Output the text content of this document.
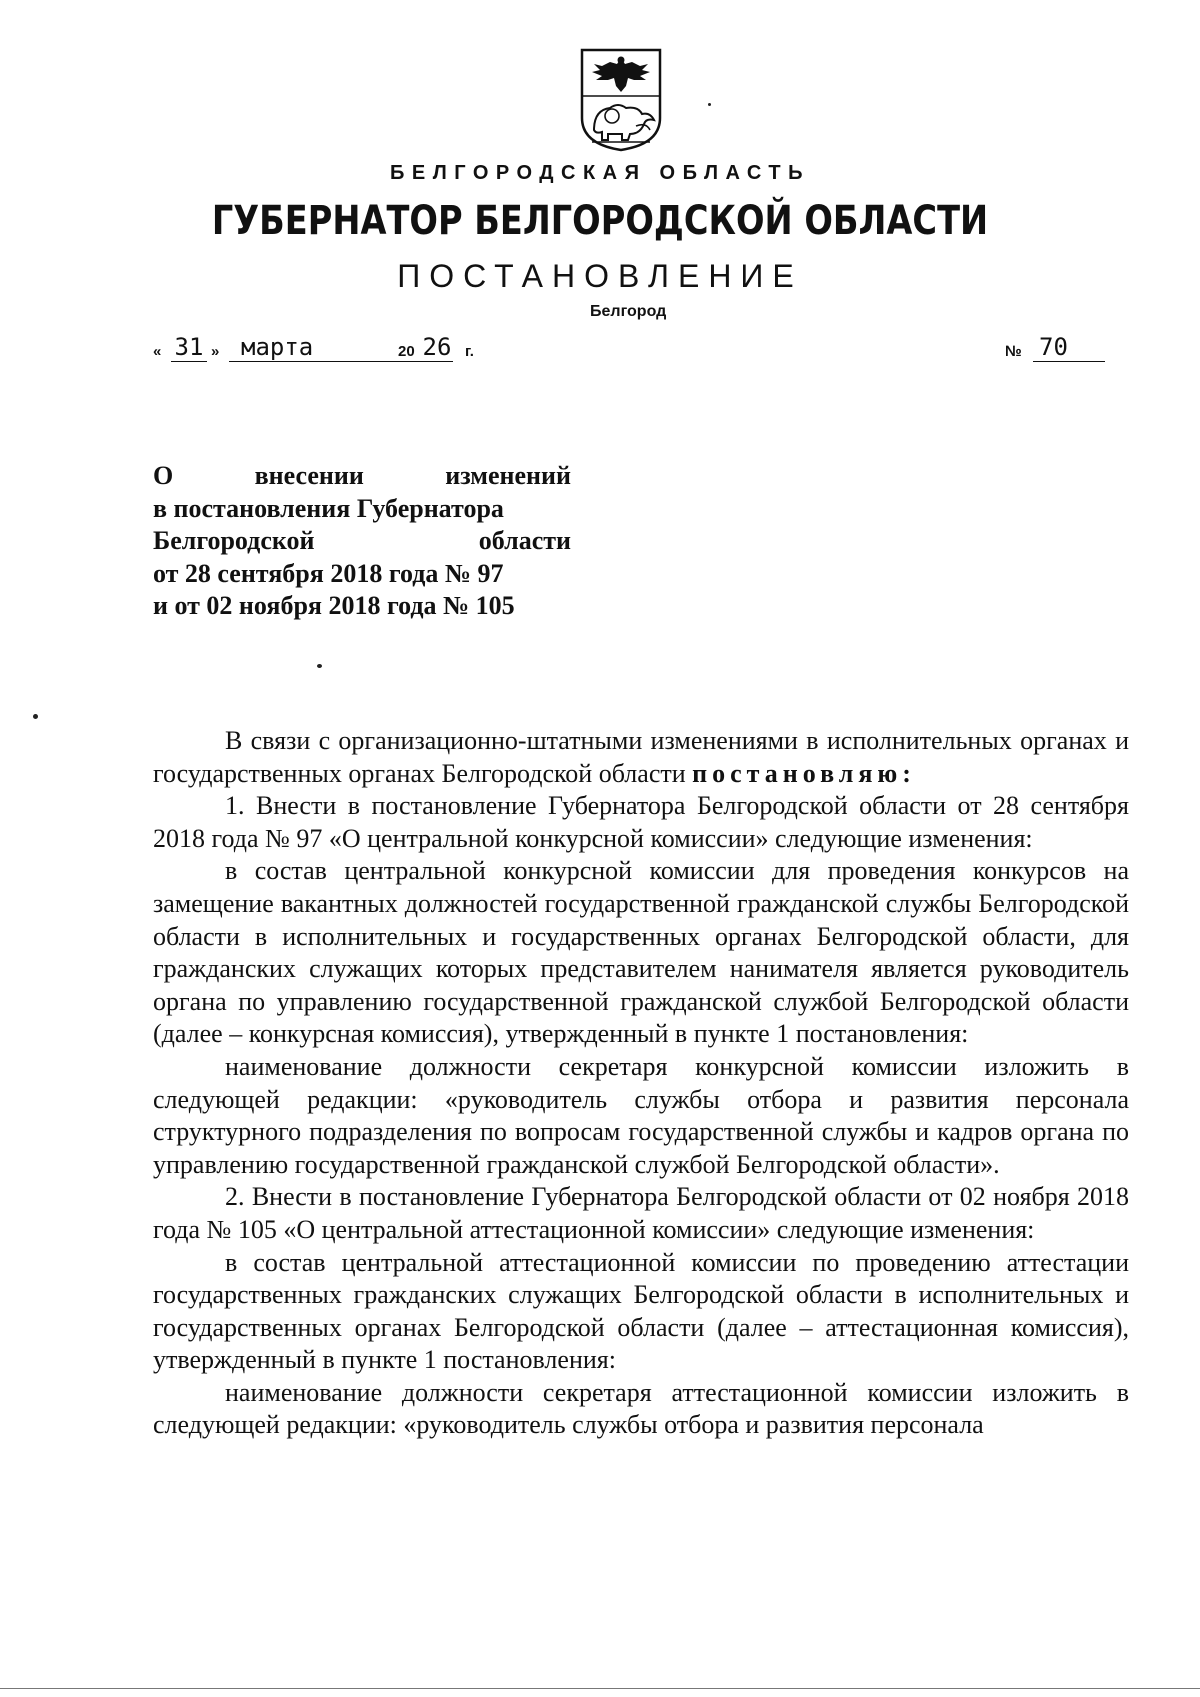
БЕЛГОРОДСКАЯ ОБЛАСТЬ
ГУБЕРНАТОР БЕЛГОРОДСКОЙ ОБЛАСТИ
ПОСТАНОВЛЕНИЕ
Белгород
« 31 » марта	20 26 г.	№ 70
О внесении изменений
в постановления Губернатора
Белгородской области
от 28 сентября 2018 года № 97
и от 02 ноября 2018 года № 105

В связи с организационно-штатными изменениями в исполнительных органах и государственных органах Белгородской области постановляю:

1. Внести в постановление Губернатора Белгородской области от 28 сентября 2018 года № 97 «О центральной конкурсной комиссии» следующие изменения:

в состав центральной конкурсной комиссии для проведения конкурсов на замещение вакантных должностей государственной гражданской службы Белгородской области в исполнительных и государственных органах Белгородской области, для гражданских служащих которых представителем нанимателя является руководитель органа по управлению государственной гражданской службой Белгородской области (далее – конкурсная комиссия), утвержденный в пункте 1 постановления:

наименование должности секретаря конкурсной комиссии изложить в следующей редакции: «руководитель службы отбора и развития персонала структурного подразделения по вопросам государственной службы и кадров органа по управлению государственной гражданской службой Белгородской области».

2. Внести в постановление Губернатора Белгородской области от 02 ноября 2018 года № 105 «О центральной аттестационной комиссии» следующие изменения:

в состав центральной аттестационной комиссии по проведению аттестации государственных гражданских служащих Белгородской области в исполнительных и государственных органах Белгородской области (далее – аттестационная комиссия), утвержденный в пункте 1 постановления:

наименование должности секретаря аттестационной комиссии изложить в следующей редакции: «руководитель службы отбора и развития персонала
